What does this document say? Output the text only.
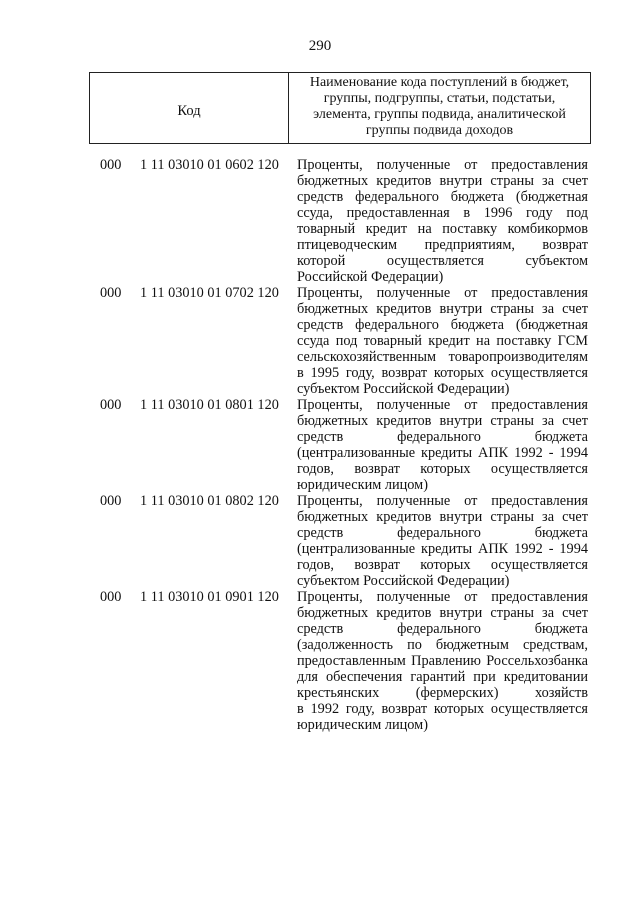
290
Код
Наименование кода поступлений в бюджет,
группы, подгруппы, статьи, подстатьи,
элемента, группы подвида, аналитической
группы подвида доходов
000	1 11 03010 01 0602 120	Проценты, полученные от предоставления
бюджетных кредитов внутри страны за счет
средств федерального бюджета (бюджетная
ссуда, предоставленная в 1996 году под
товарный кредит на поставку комбикормов
птицеводческим предприятиям, возврат
которой осуществляется субъектом
Российской Федерации)
000	1 11 03010 01 0702 120	Проценты, полученные от предоставления
бюджетных кредитов внутри страны за счет
средств федерального бюджета (бюджетная
ссуда под товарный кредит на поставку ГСМ
сельскохозяйственным товаропроизводителям
в 1995 году, возврат которых осуществляется
субъектом Российской Федерации)
000	1 11 03010 01 0801 120	Проценты, полученные от предоставления
бюджетных кредитов внутри страны за счет
средств федерального бюджета
(централизованные кредиты АПК 1992 - 1994
годов, возврат которых осуществляется
юридическим лицом)
000	1 11 03010 01 0802 120	Проценты, полученные от предоставления
бюджетных кредитов внутри страны за счет
средств федерального бюджета
(централизованные кредиты АПК 1992 - 1994
годов, возврат которых осуществляется
субъектом Российской Федерации)
000	1 11 03010 01 0901 120	Проценты, полученные от предоставления
бюджетных кредитов внутри страны за счет
средств федерального бюджета
(задолженность по бюджетным средствам,
предоставленным Правлению Россельхозбанка
для обеспечения гарантий при кредитовании
крестьянских (фермерских) хозяйств
в 1992 году, возврат которых осуществляется
юридическим лицом)
